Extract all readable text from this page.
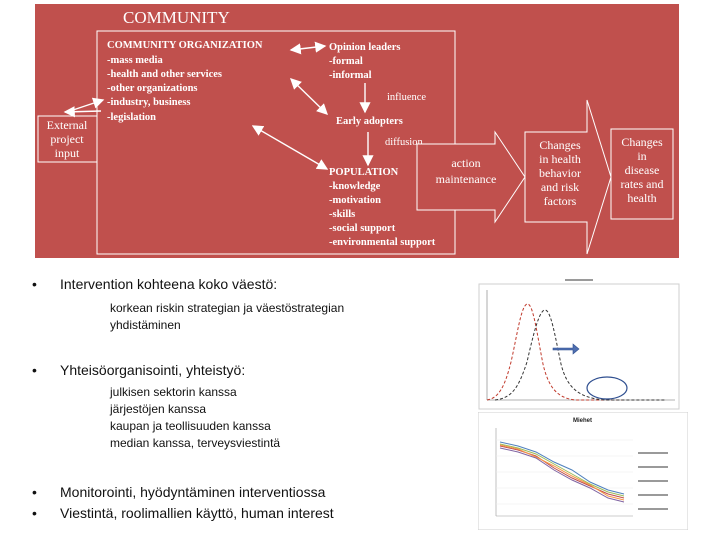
COMMUNITY
External
project
input
COMMUNITY ORGANIZATION
-mass media
-health and other services
-other organizations
-industry, business
-legislation
Opinion leaders
-formal
-informal
Early adopters
POPULATION
-knowledge
-motivation
-skills
-social support
-environmental support
influence
diffusion
action
maintenance
Changes
in health
behavior
and risk
factors
Changes
in
disease
rates and
health
•	Intervention kohteena koko väestö:
korkean riskin strategian ja väestöstrategian
yhdistäminen
•	Yhteisöorganisointi, yhteistyö:
julkisen sektorin kanssa
järjestöjen kanssa
kaupan ja teollisuuden kanssa
median kanssa, terveysviestintä
•	Monitorointi, hyödyntäminen interventiossa
•	Viestintä, roolimallien käyttö, human interest
Miehet
